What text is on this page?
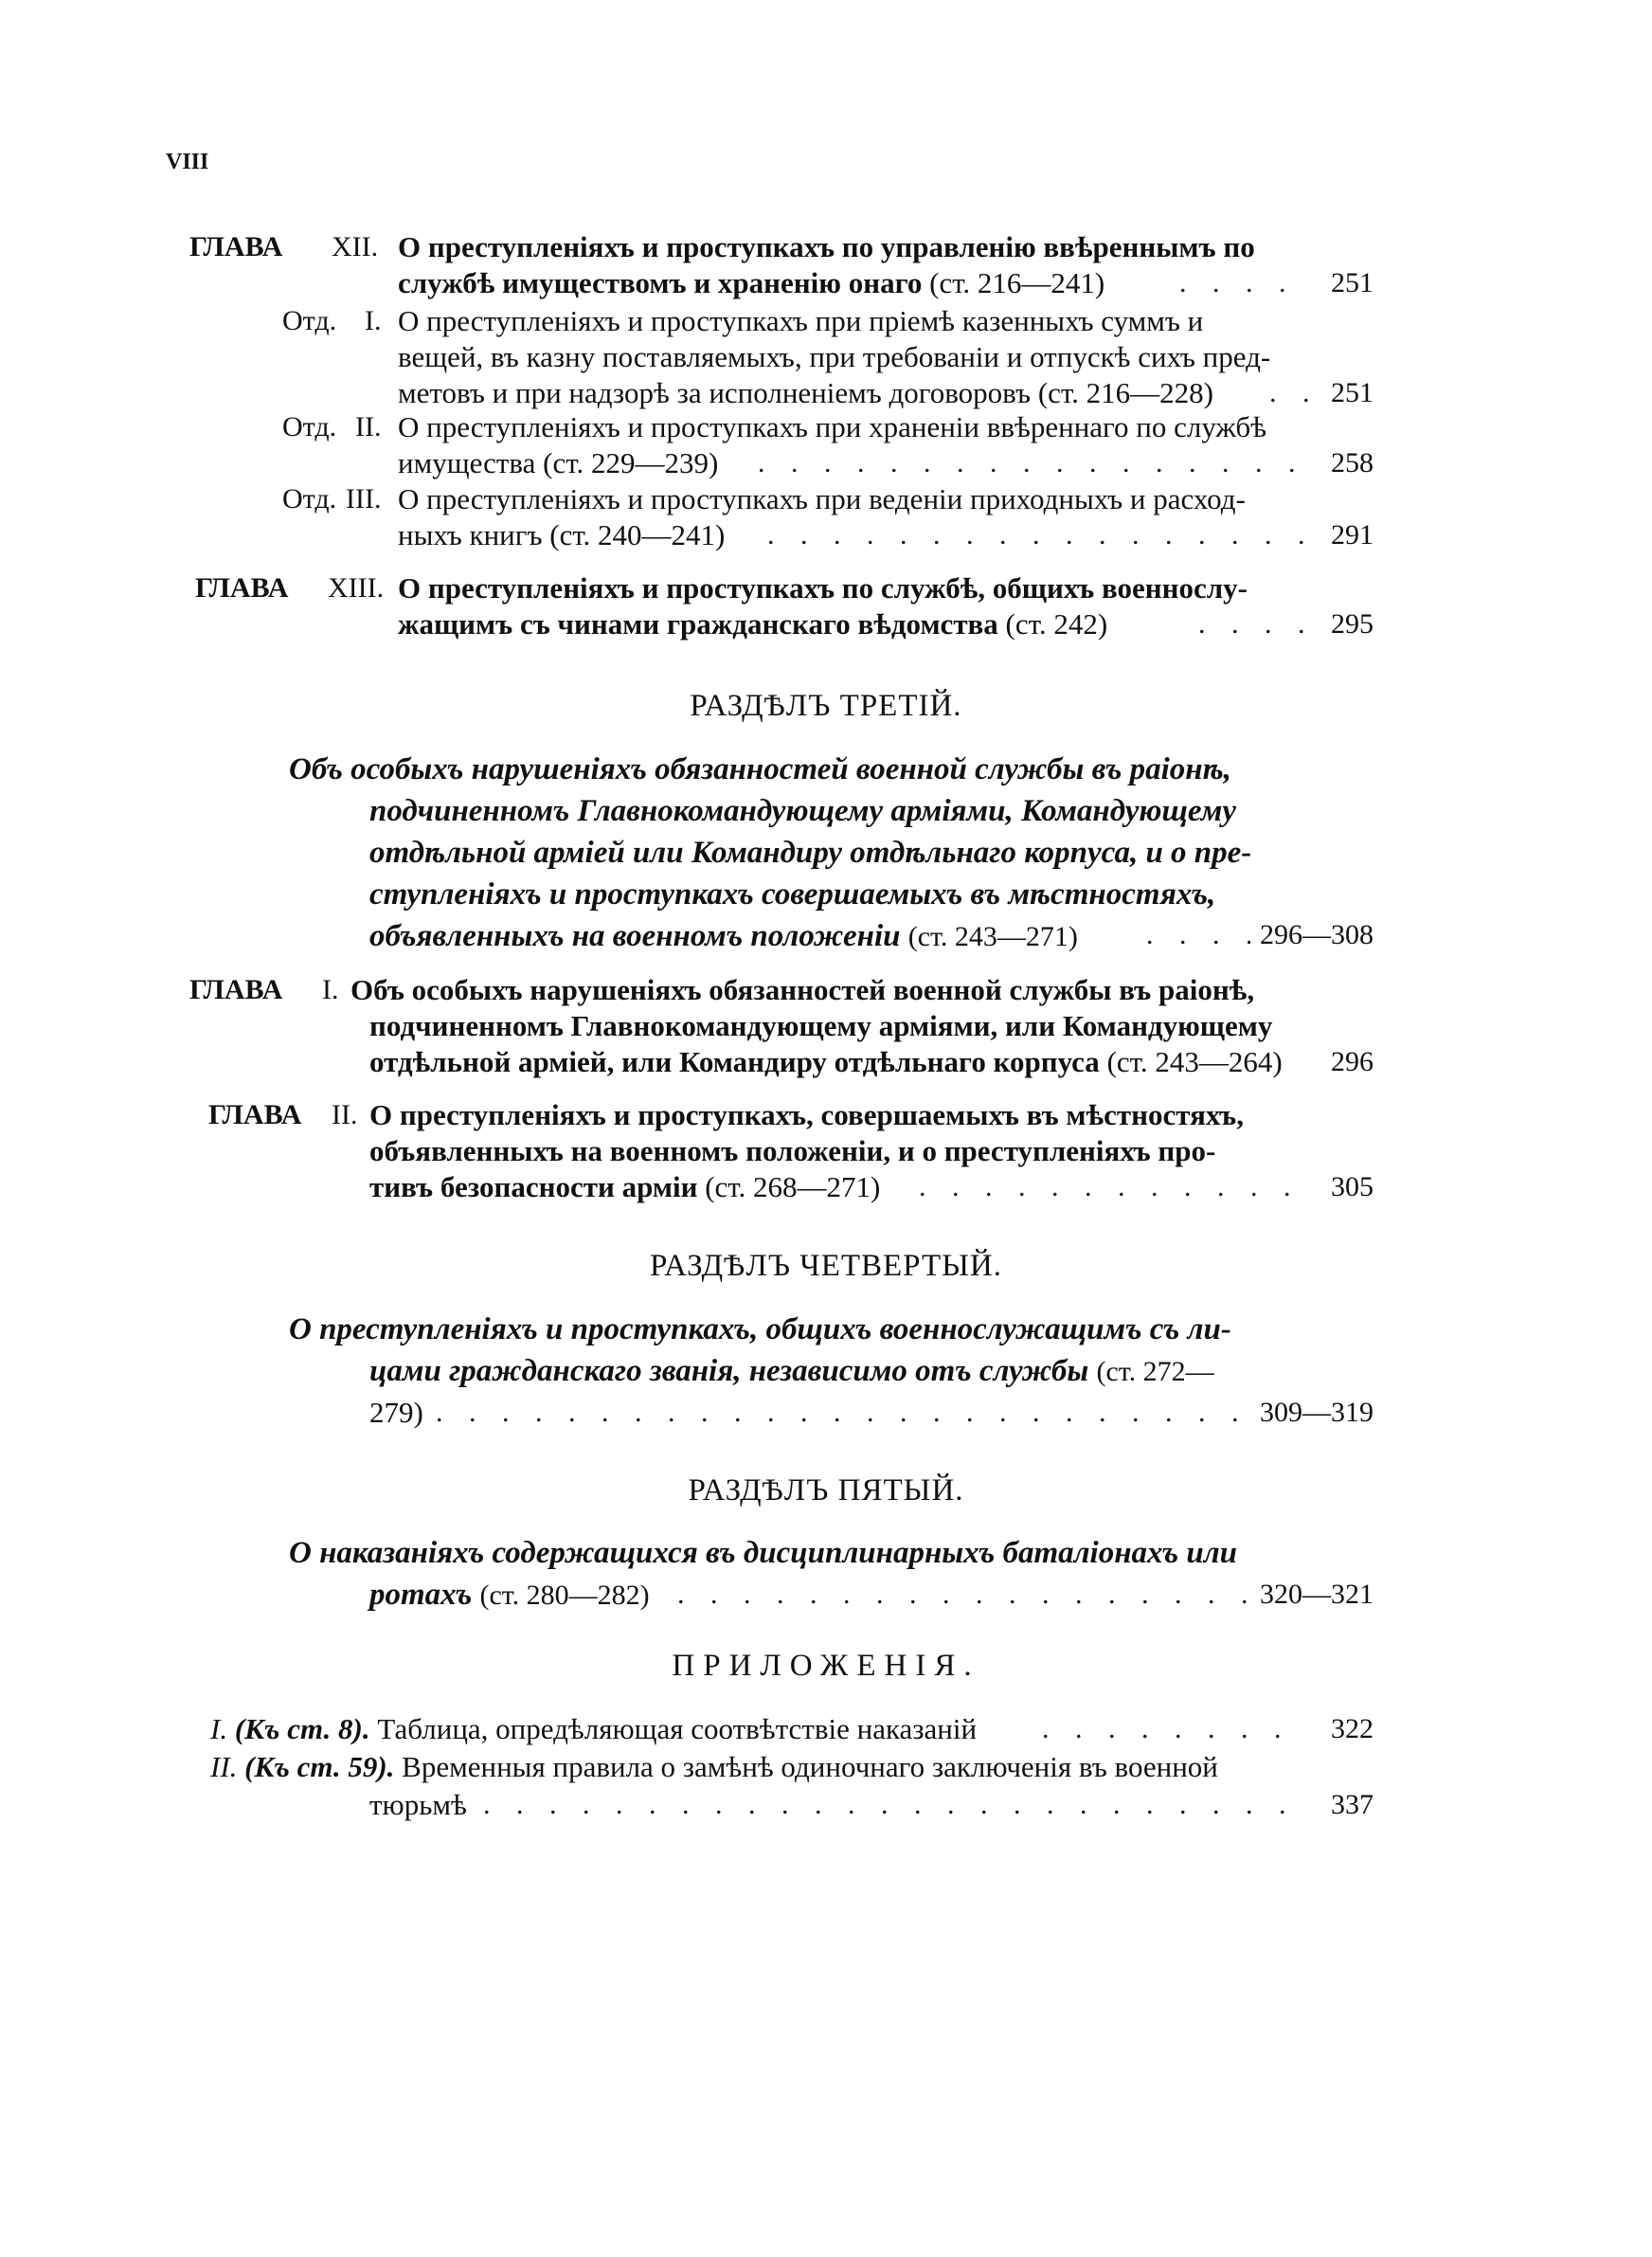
VIII
ГЛАВА XII. О преступленіяхъ и проступкахъ по управленію ввѣреннымъ по
службѣ имуществомъ и храненію онаго (ст. 216—241) . . .	251
Отд. I. О преступленіяхъ и проступкахъ при пріемѣ казенныхъ суммъ и
вещей, въ казну поставляемыхъ, при требованіи и отпускѣ сихъ пред-
метовъ и при надзорѣ за исполненіемъ договоровъ (ст. 216—228) . . .	251
Отд. II. О преступленіяхъ и проступкахъ при храненіи ввѣреннаго по службѣ
имущества (ст. 229—239) . . .	258
Отд. III. О преступленіяхъ и проступкахъ при веденіи приходныхъ и расход-
ныхъ книгъ (ст. 240—241) . . .	291
ГЛАВА XIII. О преступленіяхъ и проступкахъ по службѣ, общихъ военнослу-
жащимъ съ чинами гражданскаго вѣдомства (ст. 242) . . .	295
РАЗДѢЛЪ ТРЕТІЙ.
Объ особыхъ нарушеніяхъ обязанностей военной службы въ раіонѣ,
подчиненномъ Главнокомандующему арміями, Командующему
отдѣльной арміей или Командиру отдѣльнаго корпуса, и о пре-
ступленіяхъ и проступкахъ совершаемыхъ въ мѣстностяхъ,
объявленныхъ на военномъ положеніи (ст. 243—271) . . .	296—308
ГЛАВА I. Объ особыхъ нарушеніяхъ обязанностей военной службы въ раіонѣ,
подчиненномъ Главнокомандующему арміями, или Командующему
отдѣльной арміей, или Командиру отдѣльнаго корпуса (ст. 243—264)	296
ГЛАВА II. О преступленіяхъ и проступкахъ, совершаемыхъ въ мѣстностяхъ,
объявленныхъ на военномъ положеніи, и о преступленіяхъ про-
тивъ безопасности арміи (ст. 268—271) . . .	305
РАЗДѢЛЪ ЧЕТВЕРТЫЙ.
О преступленіяхъ и проступкахъ, общихъ военнослужащимъ съ ли-
цами гражданскаго званія, независимо отъ службы (ст. 272—
279) . . .	309—319
РАЗДѢЛЪ ПЯТЫЙ.
О наказаніяхъ содержащихся въ дисциплинарныхъ баталіонахъ или
ротахъ (ст. 280—282) . . .	320—321
ПРИЛОЖЕНІЯ.
I. (Къ ст. 8). Таблица, опредѣляющая соотвѣтствіе наказаній . . .	322
II. (Къ ст. 59). Временныя правила о замѣнѣ одиночнаго заключенія въ военной
тюрьмѣ . . .	337
